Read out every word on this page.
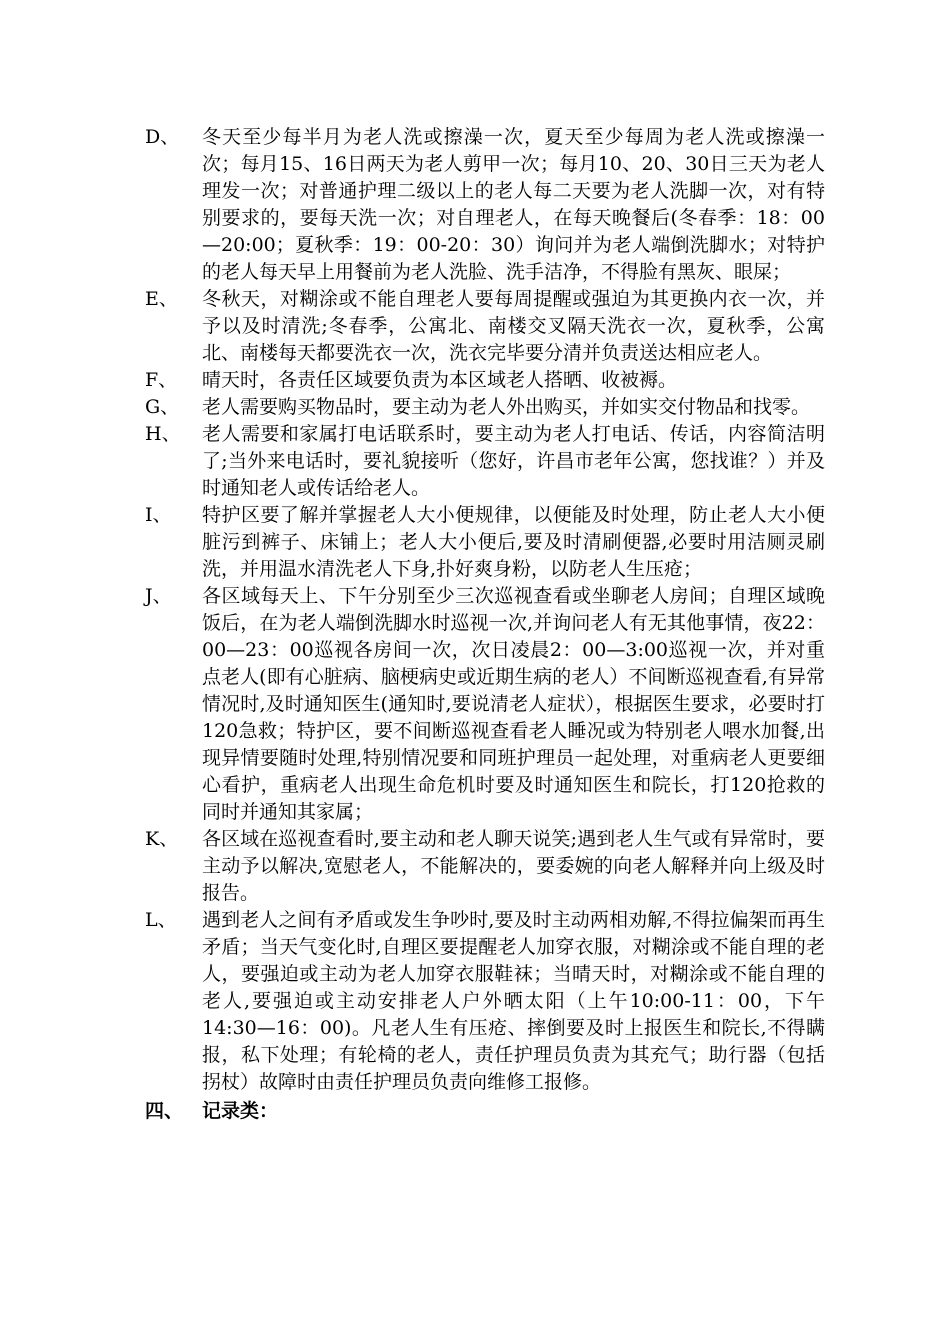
D、	冬天至少每半月为老人洗或擦澡一次，夏天至少每周为老人洗或擦澡一次；每月15、16日两天为老人剪甲一次；每月10、20、30日三天为老人理发一次；对普通护理二级以上的老人每二天要为老人洗脚一次，对有特别要求的，要每天洗一次；对自理老人，在每天晚餐后(冬春季：18：00—20:00；夏秋季：19：00-20：30）询问并为老人端倒洗脚水；对特护的老人每天早上用餐前为老人洗脸、洗手洁净，不得脸有黑灰、眼屎；
E、	冬秋天，对糊涂或不能自理老人要每周提醒或强迫为其更换内衣一次，并予以及时清洗;冬春季，公寓北、南楼交叉隔天洗衣一次，夏秋季，公寓北、南楼每天都要洗衣一次，洗衣完毕要分清并负责送达相应老人。
F、	晴天时，各责任区域要负责为本区域老人搭晒、收被褥。
G、	老人需要购买物品时，要主动为老人外出购买，并如实交付物品和找零。
H、	老人需要和家属打电话联系时，要主动为老人打电话、传话，内容简洁明了;当外来电话时，要礼貌接听（您好，许昌市老年公寓，您找谁？）并及时通知老人或传话给老人。
I、	特护区要了解并掌握老人大小便规律，以便能及时处理，防止老人大小便脏污到裤子、床铺上；老人大小便后,要及时清刷便器,必要时用洁厕灵刷洗，并用温水清洗老人下身,扑好爽身粉，以防老人生压疮；
J、	各区域每天上、下午分别至少三次巡视查看或坐聊老人房间；自理区域晚饭后，在为老人端倒洗脚水时巡视一次,并询问老人有无其他事情，夜22：00—23：00巡视各房间一次，次日凌晨2：00—3:00巡视一次，并对重点老人(即有心脏病、脑梗病史或近期生病的老人）不间断巡视查看,有异常情况时,及时通知医生(通知时,要说清老人症状），根据医生要求，必要时打120急救；特护区，要不间断巡视查看老人睡况或为特别老人喂水加餐,出现异情要随时处理,特别情况要和同班护理员一起处理，对重病老人更要细心看护，重病老人出现生命危机时要及时通知医生和院长，打120抢救的同时并通知其家属；
K、	各区域在巡视查看时,要主动和老人聊天说笑;遇到老人生气或有异常时，要主动予以解决,宽慰老人，不能解决的，要委婉的向老人解释并向上级及时报告。
L、	遇到老人之间有矛盾或发生争吵时,要及时主动两相劝解,不得拉偏架而再生矛盾；当天气变化时,自理区要提醒老人加穿衣服，对糊涂或不能自理的老人，要强迫或主动为老人加穿衣服鞋袜；当晴天时，对糊涂或不能自理的老人,要强迫或主动安排老人户外晒太阳（上午10:00-11：00，下午14:30—16：00)。凡老人生有压疮、摔倒要及时上报医生和院长,不得瞒报，私下处理；有轮椅的老人，责任护理员负责为其充气；助行器（包括拐杖）故障时由责任护理员负责向维修工报修。
四、 记录类：
